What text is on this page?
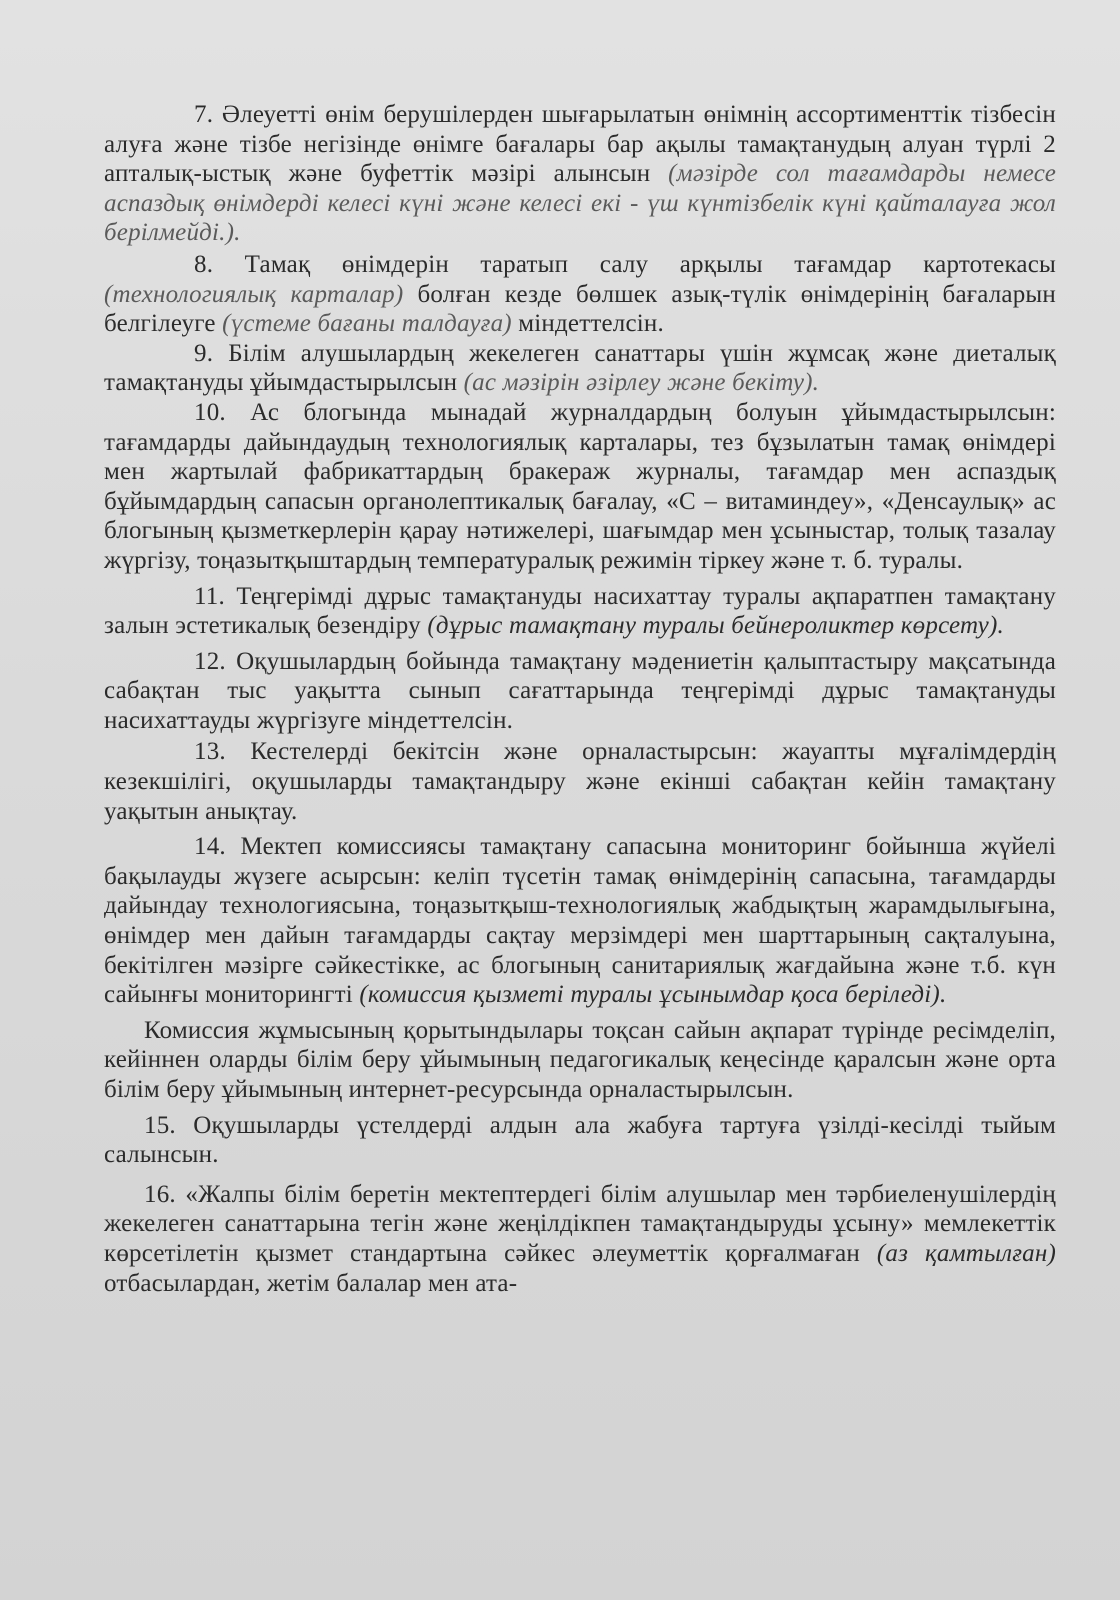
7. Әлеуетті өнім берушілерден шығарылатын өнімнің ассортименттік тізбесін алуға және тізбе негізінде өнімге бағалары бар ақылы тамақтанудың алуан түрлі 2 апталық-ыстық және буфеттік мәзірі алынсын (мәзірде сол тағамдарды немесе аспаздық өнімдерді келесі күні және келесі екі - үш күнтізбелік күні қайталауға жол берілмейді.).

8. Тамақ өнімдерін таратып салу арқылы тағамдар картотекасы (технологиялық карталар) болған кезде бөлшек азық-түлік өнімдерінің бағаларын белгілеуге (үстеме бағаны талдауға) міндеттелсін.

9. Білім алушылардың жекелеген санаттары үшін жұмсақ және диеталық тамақтануды ұйымдастырылсын (ас мәзірін әзірлеу және бекіту).

10. Ас блогында мынадай журналдардың болуын ұйымдастырылсын: тағамдарды дайындаудың технологиялық карталары, тез бұзылатын тамақ өнімдері мен жартылай фабрикаттардың бракераж журналы, тағамдар мен аспаздық бұйымдардың сапасын органолептикалық бағалау, «С – витаминдеу», «Денсаулық» ас блогының қызметкерлерін қарау нәтижелері, шағымдар мен ұсыныстар, толық тазалау жүргізу, тоңазытқыштардың температуралық режимін тіркеу және т. б. туралы.

11. Теңгерімді дұрыс тамақтануды насихаттау туралы ақпаратпен тамақтану залын эстетикалық безендіру (дұрыс тамақтану туралы бейнероликтер көрсету).

12. Оқушылардың бойында тамақтану мәдениетін қалыптастыру мақсатында сабақтан тыс уақытта сынып сағаттарында теңгерімді дұрыс тамақтануды насихаттауды жүргізуге міндеттелсін.

13. Кестелерді бекітсін және орналастырсын: жауапты мұғалімдердің кезекшілігі, оқушыларды тамақтандыру және екінші сабақтан кейін тамақтану уақытын анықтау.

14. Мектеп комиссиясы тамақтану сапасына мониторинг бойынша жүйелі бақылауды жүзеге асырсын: келіп түсетін тамақ өнімдерінің сапасына, тағамдарды дайындау технологиясына, тоңазытқыш-технологиялық жабдықтың жарамдылығына, өнімдер мен дайын тағамдарды сақтау мерзімдері мен шарттарының сақталуына, бекітілген мәзірге сәйкестікке, ас блогының санитариялық жағдайына және т.б. күн сайынғы мониторингті (комиссия қызметі туралы ұсынымдар қоса беріледі).

Комиссия жұмысының қорытындылары тоқсан сайын ақпарат түрінде ресімделіп, кейіннен оларды білім беру ұйымының педагогикалық кеңесінде қаралсын және орта білім беру ұйымының интернет-ресурсында орналастырылсын.

15. Оқушыларды үстелдерді алдын ала жабуға тартуға үзілді-кесілді тыйым салынсын.

16. «Жалпы білім беретін мектептердегі білім алушылар мен тәрбиеленушілердің жекелеген санаттарына тегін және жеңілдікпен тамақтандыруды ұсыну» мемлекеттік көрсетілетін қызмет стандартына сәйкес әлеуметтік қорғалмаған (аз қамтылған) отбасылардан, жетім балалар мен ата-
